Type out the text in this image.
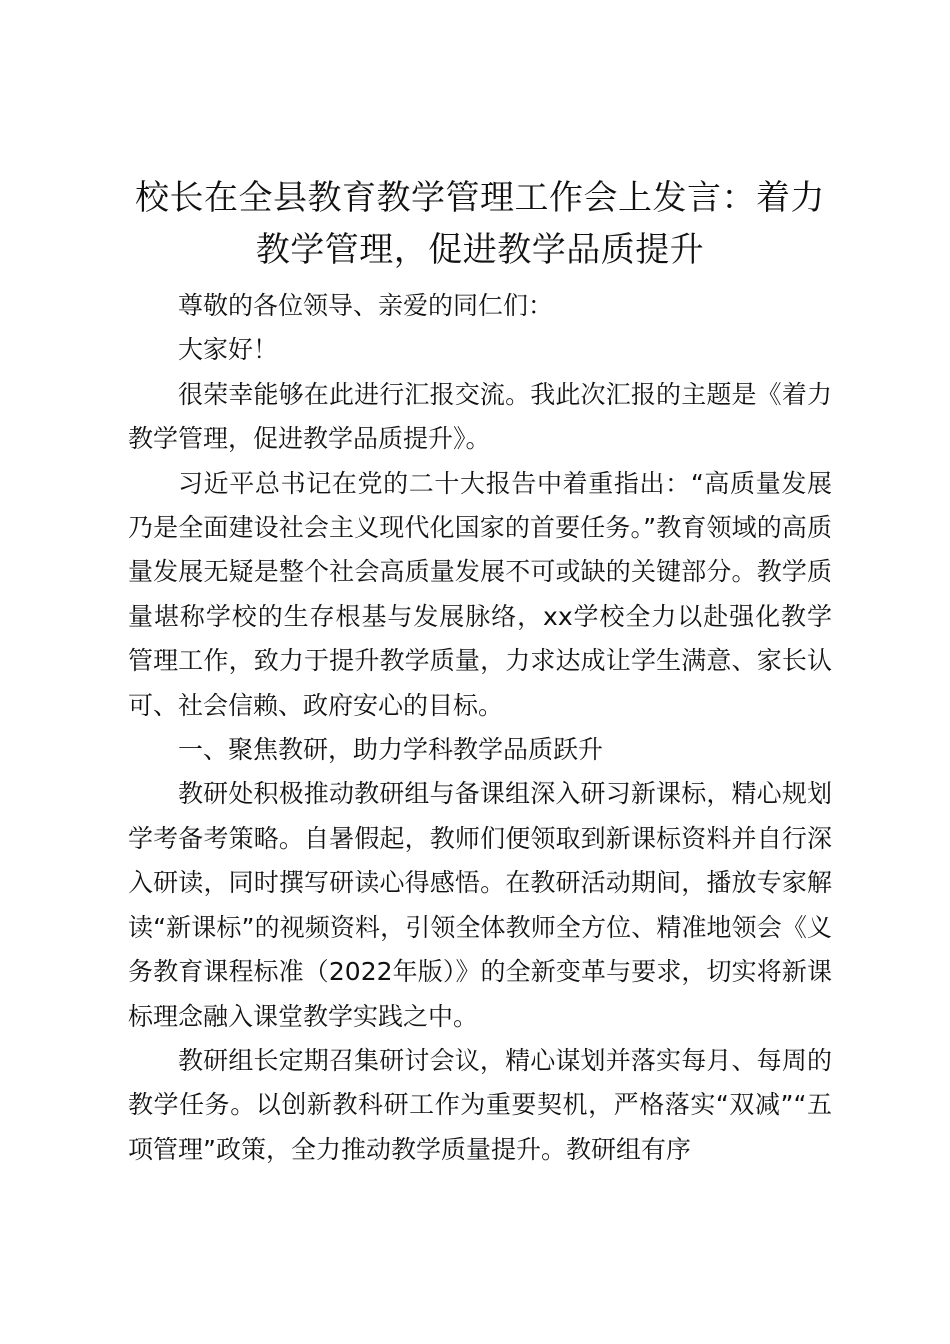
校长在全县教育教学管理工作会上发言：着力
教学管理，促进教学品质提升

尊敬的各位领导、亲爱的同仁们：

大家好！

很荣幸能够在此进行汇报交流。我此次汇报的主题是《着力教学管理，促进教学品质提升》。

习近平总书记在党的二十大报告中着重指出：“高质量发展乃是全面建设社会主义现代化国家的首要任务。”教育领域的高质量发展无疑是整个社会高质量发展不可或缺的关键部分。教学质量堪称学校的生存根基与发展脉络，xx学校全力以赴强化教学管理工作，致力于提升教学质量，力求达成让学生满意、家长认可、社会信赖、政府安心的目标。

一、聚焦教研，助力学科教学品质跃升

教研处积极推动教研组与备课组深入研习新课标，精心规划学考备考策略。自暑假起，教师们便领取到新课标资料并自行深入研读，同时撰写研读心得感悟。在教研活动期间，播放专家解读“新课标”的视频资料，引领全体教师全方位、精准地领会《义务教育课程标准（2022年版）》的全新变革与要求，切实将新课标理念融入课堂教学实践之中。

教研组长定期召集研讨会议，精心谋划并落实每月、每周的教学任务。以创新教科研工作为重要契机，严格落实“双减”“五项管理”政策，全力推动教学质量提升。教研组有序
